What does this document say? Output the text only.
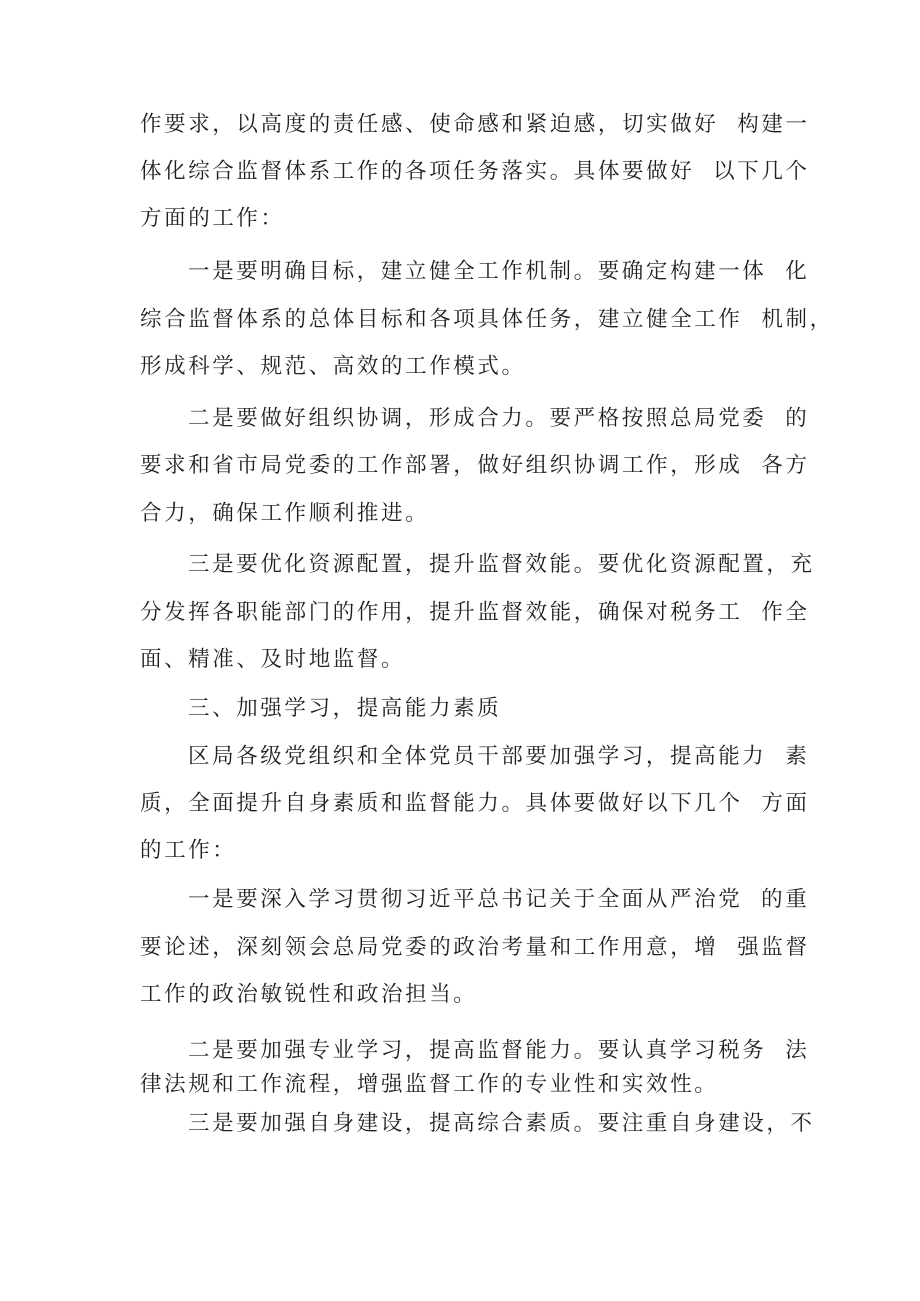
作要求，以高度的责任感、使命感和紧迫感，切实做好  构建一
体化综合监督体系工作的各项任务落实。具体要做好  以下几个
方面的工作：
一是要明确目标，建立健全工作机制。要确定构建一体  化
综合监督体系的总体目标和各项具体任务，建立健全工作  机制，
形成科学、规范、高效的工作模式。
二是要做好组织协调，形成合力。要严格按照总局党委  的
要求和省市局党委的工作部署，做好组织协调工作，形成  各方
合力，确保工作顺利推进。
三是要优化资源配置，提升监督效能。要优化资源配置，充
分发挥各职能部门的作用，提升监督效能，确保对税务工  作全
面、精准、及时地监督。
三、加强学习，提高能力素质
区局各级党组织和全体党员干部要加强学习，提高能力  素
质，全面提升自身素质和监督能力。具体要做好以下几个  方面
的工作：
一是要深入学习贯彻习近平总书记关于全面从严治党  的重
要论述，深刻领会总局党委的政治考量和工作用意，增  强监督
工作的政治敏锐性和政治担当。
二是要加强专业学习，提高监督能力。要认真学习税务  法
律法规和工作流程，增强监督工作的专业性和实效性。
三是要加强自身建设，提高综合素质。要注重自身建设，不
